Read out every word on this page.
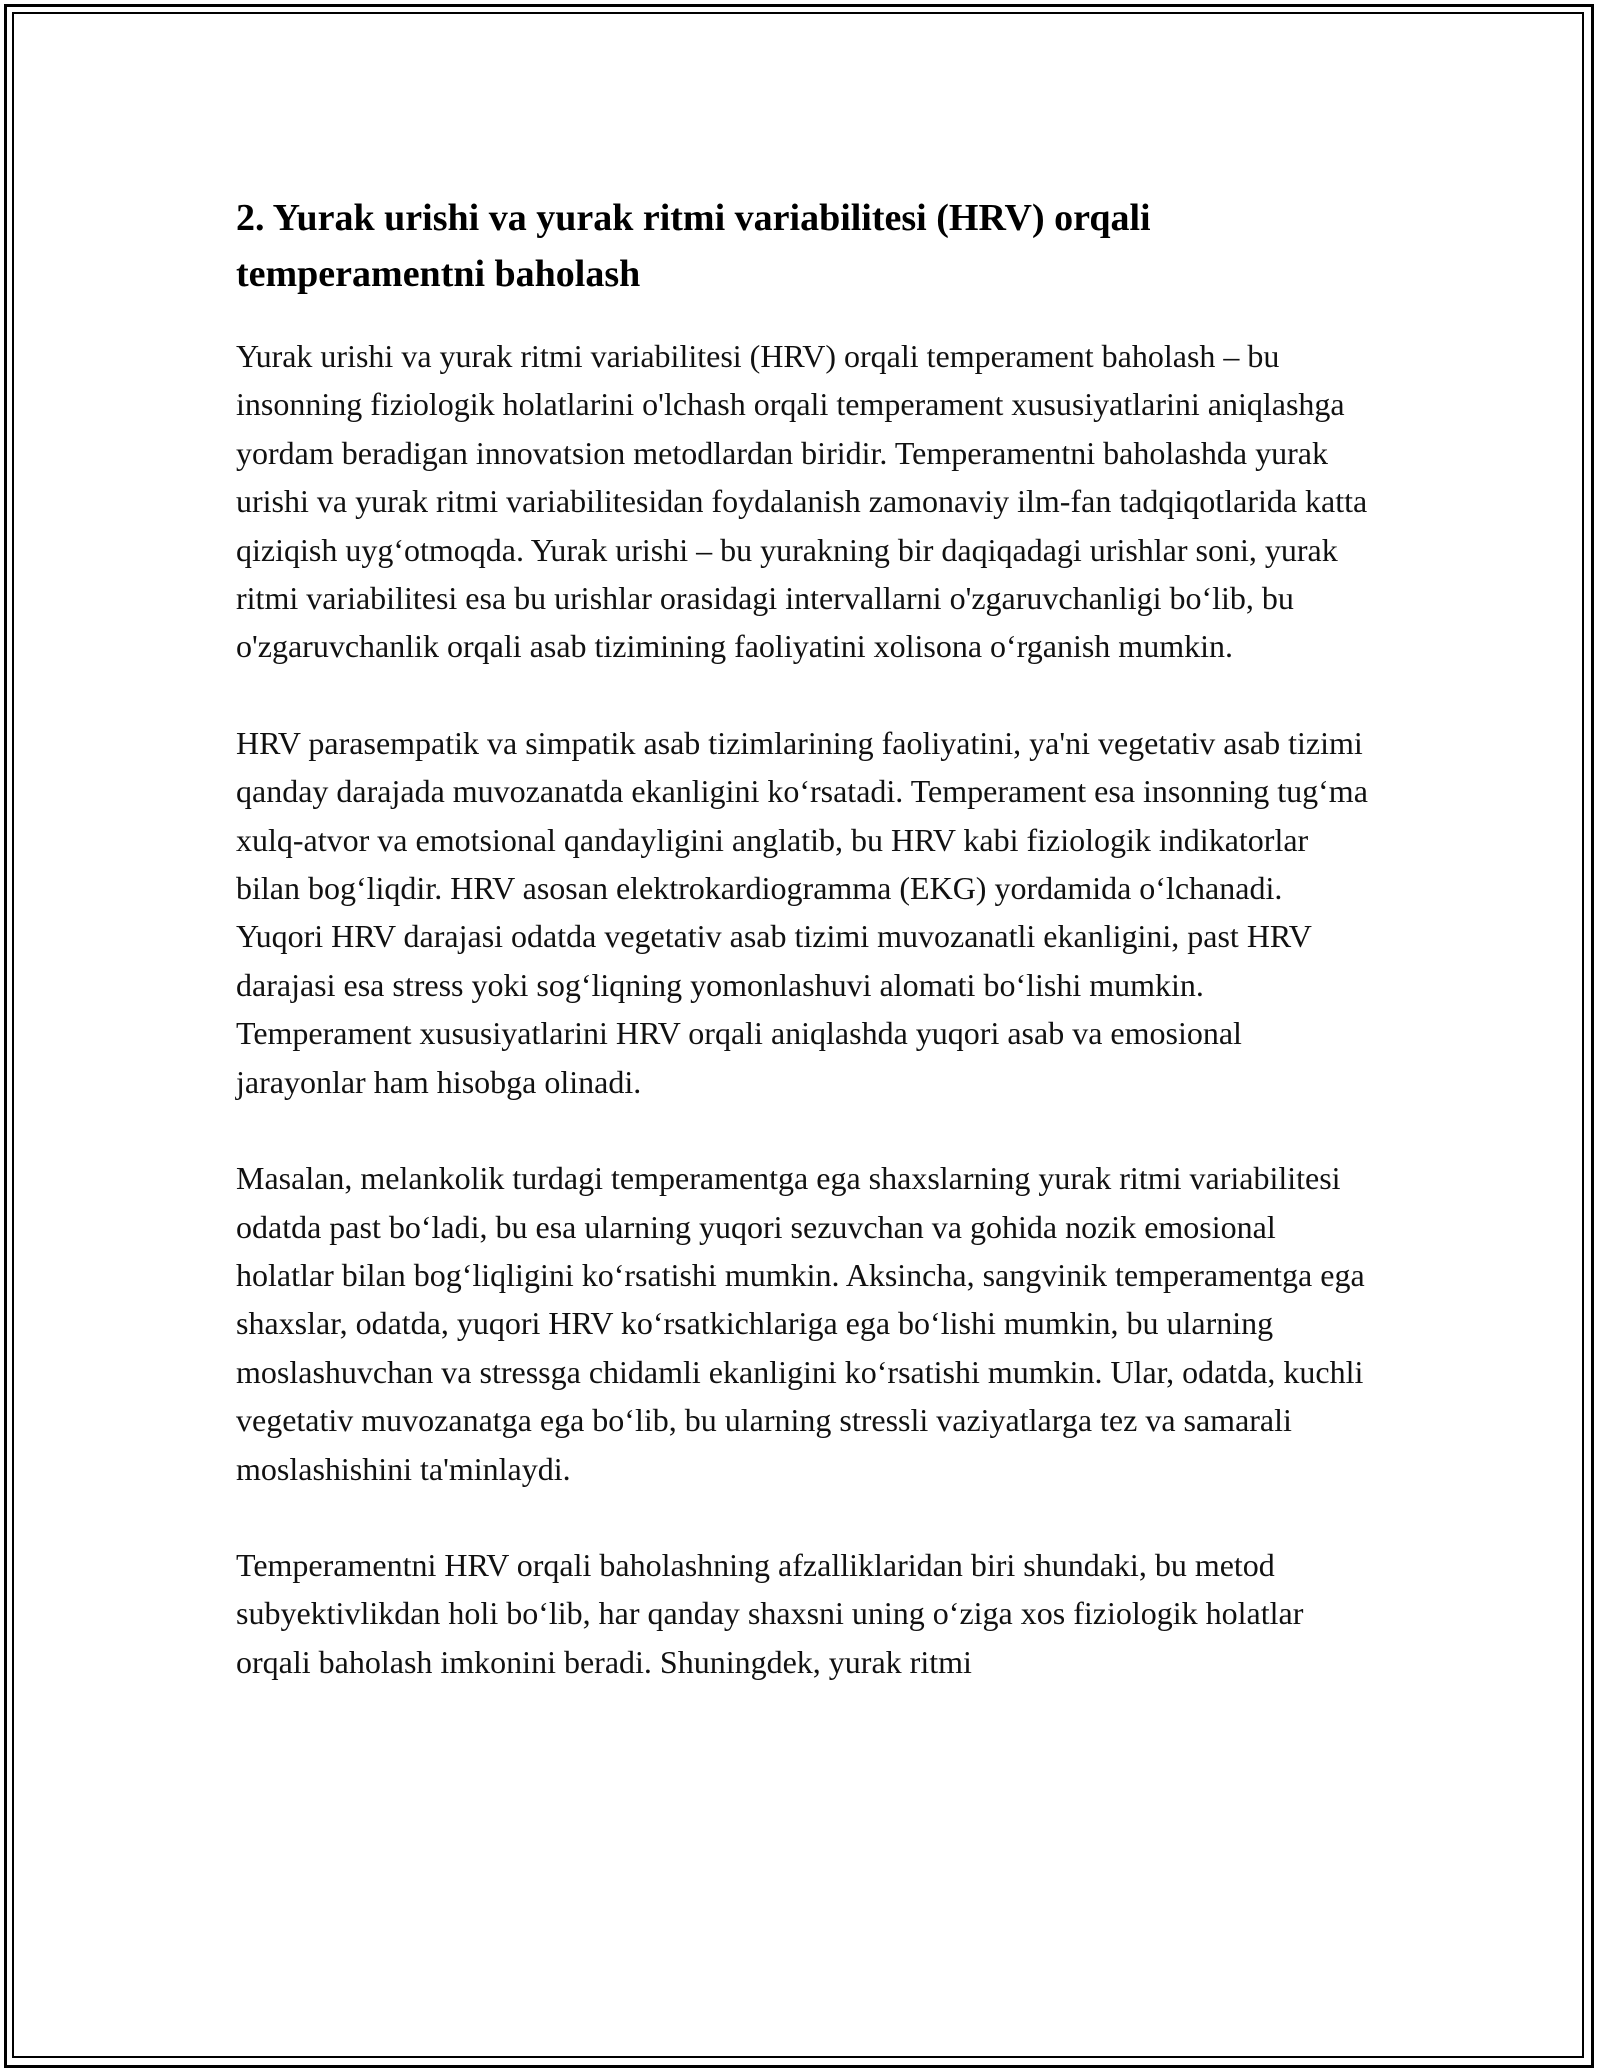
2. Yurak urishi va yurak ritmi variabilitesi (HRV) orqali temperamentni baholash

Yurak urishi va yurak ritmi variabilitesi (HRV) orqali temperament baholash – bu insonning fiziologik holatlarini o'lchash orqali temperament xususiyatlarini aniqlashga yordam beradigan innovatsion metodlardan biridir. Temperamentni baholashda yurak urishi va yurak ritmi variabilitesidan foydalanish zamonaviy ilm-fan tadqiqotlarida katta qiziqish uyg‘otmoqda. Yurak urishi – bu yurakning bir daqiqadagi urishlar soni, yurak ritmi variabilitesi esa bu urishlar orasidagi intervallarni o'zgaruvchanligi bo‘lib, bu o'zgaruvchanlik orqali asab tizimining faoliyatini xolisona o‘rganish mumkin.

HRV parasempatik va simpatik asab tizimlarining faoliyatini, ya'ni vegetativ asab tizimi qanday darajada muvozanatda ekanligini ko‘rsatadi. Temperament esa insonning tug‘ma xulq-atvor va emotsional qandayligini anglatib, bu HRV kabi fiziologik indikatorlar bilan bog‘liqdir. HRV asosan elektrokardiogramma (EKG) yordamida o‘lchanadi. Yuqori HRV darajasi odatda vegetativ asab tizimi muvozanatli ekanligini, past HRV darajasi esa stress yoki sog‘liqning yomonlashuvi alomati bo‘lishi mumkin. Temperament xususiyatlarini HRV orqali aniqlashda yuqori asab va emosional jarayonlar ham hisobga olinadi.

Masalan, melankolik turdagi temperamentga ega shaxslarning yurak ritmi variabilitesi odatda past bo‘ladi, bu esa ularning yuqori sezuvchan va gohida nozik emosional holatlar bilan bog‘liqligini ko‘rsatishi mumkin. Aksincha, sangvinik temperamentga ega shaxslar, odatda, yuqori HRV ko‘rsatkichlariga ega bo‘lishi mumkin, bu ularning moslashuvchan va stressga chidamli ekanligini ko‘rsatishi mumkin. Ular, odatda, kuchli vegetativ muvozanatga ega bo‘lib, bu ularning stressli vaziyatlarga tez va samarali moslashishini ta'minlaydi.

Temperamentni HRV orqali baholashning afzalliklaridan biri shundaki, bu metod subyektivlikdan holi bo‘lib, har qanday shaxsni uning o‘ziga xos fiziologik holatlar orqali baholash imkonini beradi. Shuningdek, yurak ritmi
